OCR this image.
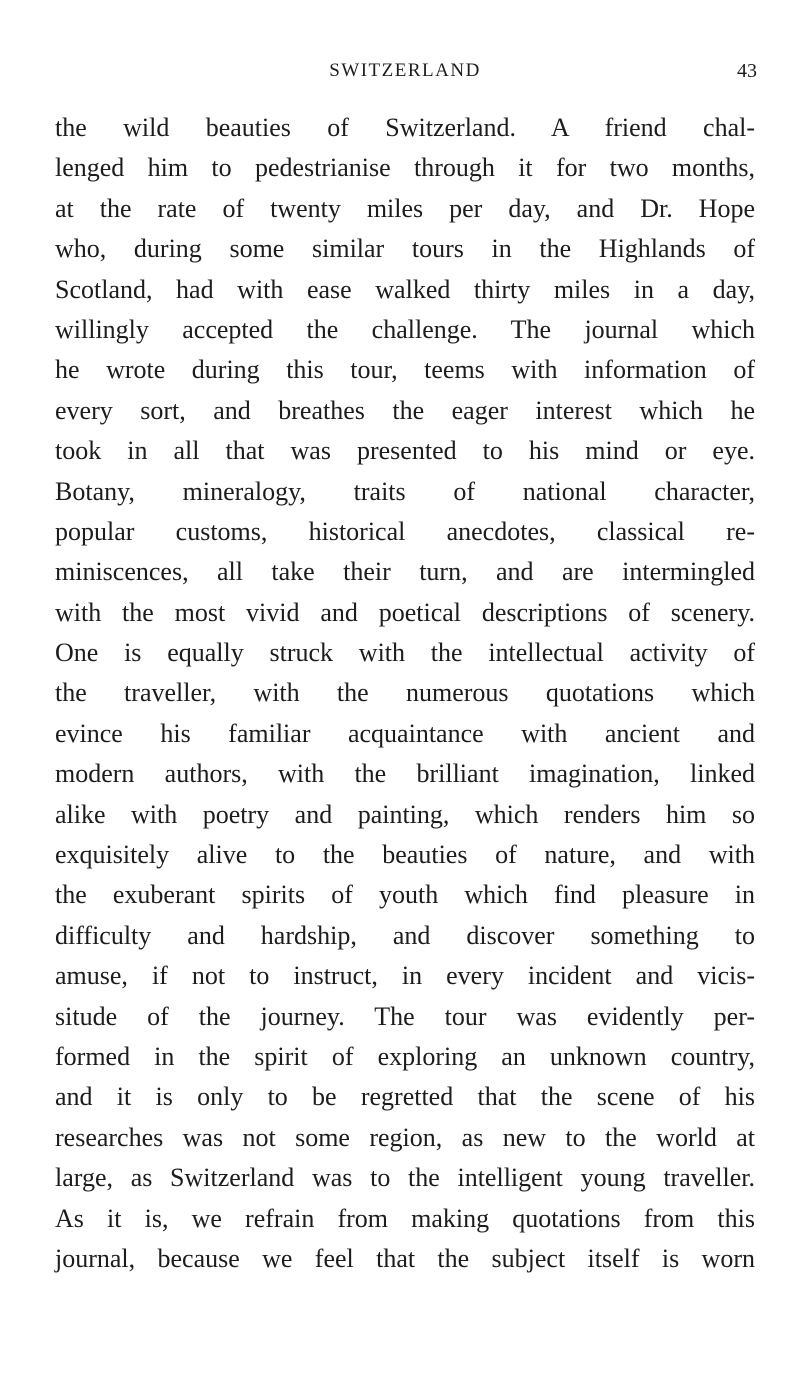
SWITZERLAND	43
the wild beauties of Switzerland. A friend chal-
lenged him to pedestrianise through it for two months,
at the rate of twenty miles per day, and Dr. Hope
who, during some similar tours in the Highlands of
Scotland, had with ease walked thirty miles in a day,
willingly accepted the challenge. The journal which
he wrote during this tour, teems with information of
every sort, and breathes the eager interest which he
took in all that was presented to his mind or eye.
Botany, mineralogy, traits of national character,
popular customs, historical anecdotes, classical re-
miniscences, all take their turn, and are intermingled
with the most vivid and poetical descriptions of scenery.
One is equally struck with the intellectual activity of
the traveller, with the numerous quotations which
evince his familiar acquaintance with ancient and
modern authors, with the brilliant imagination, linked
alike with poetry and painting, which renders him so
exquisitely alive to the beauties of nature, and with
the exuberant spirits of youth which find pleasure in
difficulty and hardship, and discover something to
amuse, if not to instruct, in every incident and vicis-
situde of the journey. The tour was evidently per-
formed in the spirit of exploring an unknown country,
and it is only to be regretted that the scene of his
researches was not some region, as new to the world at
large, as Switzerland was to the intelligent young traveller.
As it is, we refrain from making quotations from this
journal, because we feel that the subject itself is worn
